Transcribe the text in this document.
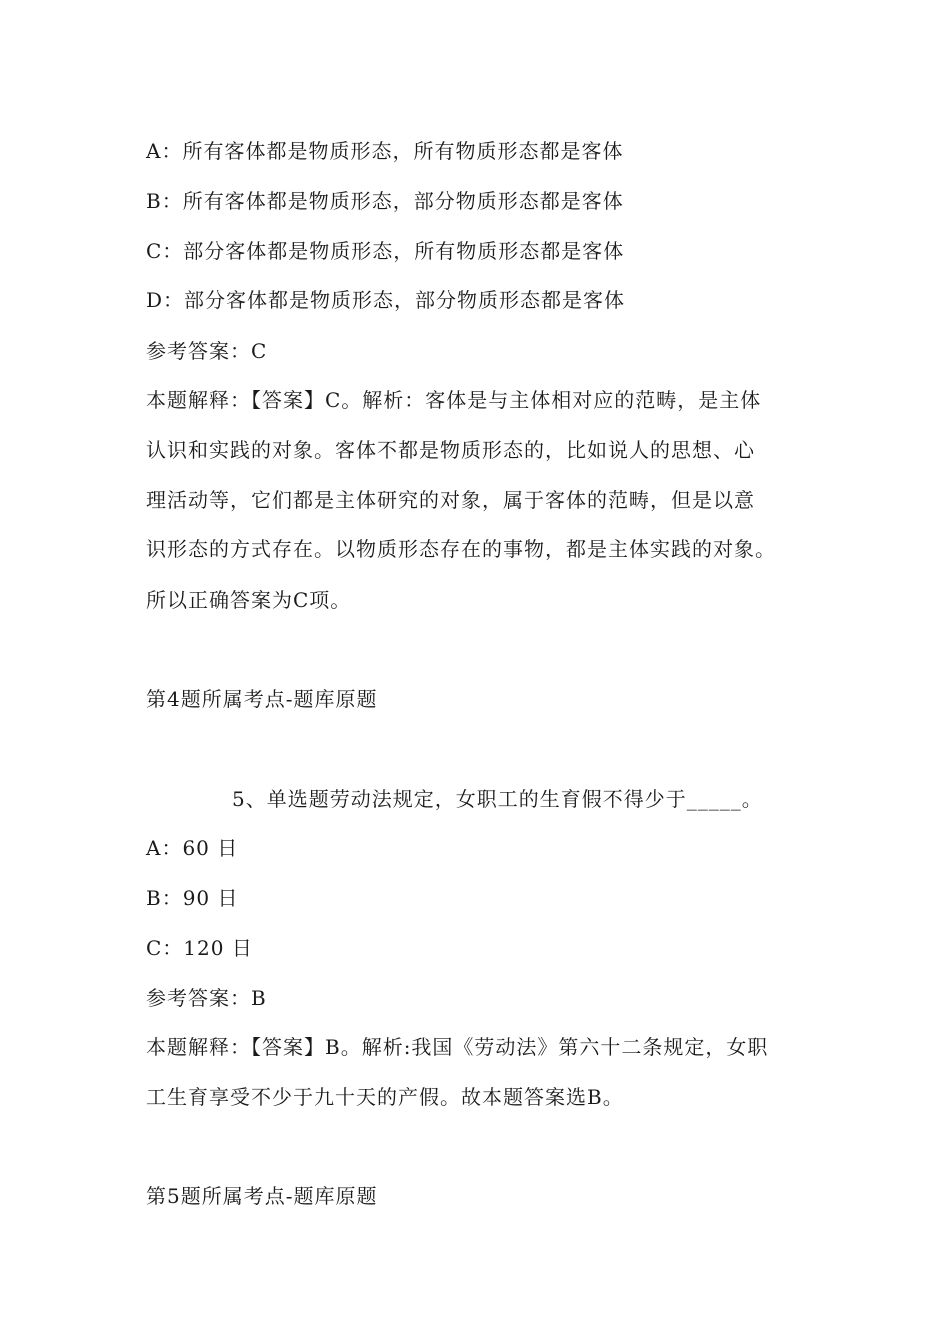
A：所有客体都是物质形态，所有物质形态都是客体
B：所有客体都是物质形态，部分物质形态都是客体
C：部分客体都是物质形态，所有物质形态都是客体
D：部分客体都是物质形态，部分物质形态都是客体
参考答案：C
本题解释：【答案】C。解析：客体是与主体相对应的范畴，是主体
认识和实践的对象。客体不都是物质形态的，比如说人的思想、心
理活动等，它们都是主体研究的对象，属于客体的范畴，但是以意
识形态的方式存在。以物质形态存在的事物，都是主体实践的对象。
所以正确答案为C项。
第4题所属考点-题库原题
5、单选题劳动法规定，女职工的生育假不得少于_____。
A：60 日
B：90 日
C：120 日
参考答案：B
本题解释：【答案】B。解析:我国《劳动法》第六十二条规定，女职
工生育享受不少于九十天的产假。故本题答案选B。
第5题所属考点-题库原题
